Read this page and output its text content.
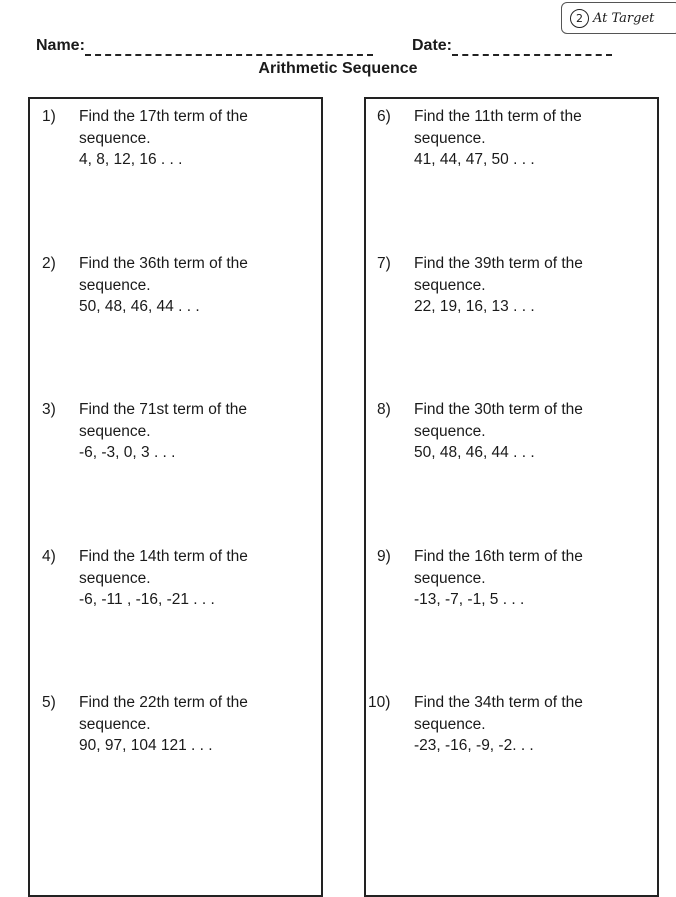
2 At Target
Name:	Date:
Arithmetic Sequence
1) Find the 17th term of the
sequence.
4, 8, 12, 16 . . .
2) Find the 36th term of the
sequence.
50, 48, 46, 44 . . .
3) Find the 71st term of the
sequence.
-6, -3, 0, 3 . . .
4) Find the 14th term of the
sequence.
-6, -11 , -16, -21 . . .
5) Find the 22th term of the
sequence.
90, 97, 104 121 . . .
6) Find the 11th term of the
sequence.
41, 44, 47, 50 . . .
7) Find the 39th term of the
sequence.
22, 19, 16, 13 . . .
8) Find the 30th term of the
sequence.
50, 48, 46, 44 . . .
9) Find the 16th term of the
sequence.
-13, -7, -1, 5 . . .
10) Find the 34th term of the
sequence.
-23, -16, -9, -2. . .
